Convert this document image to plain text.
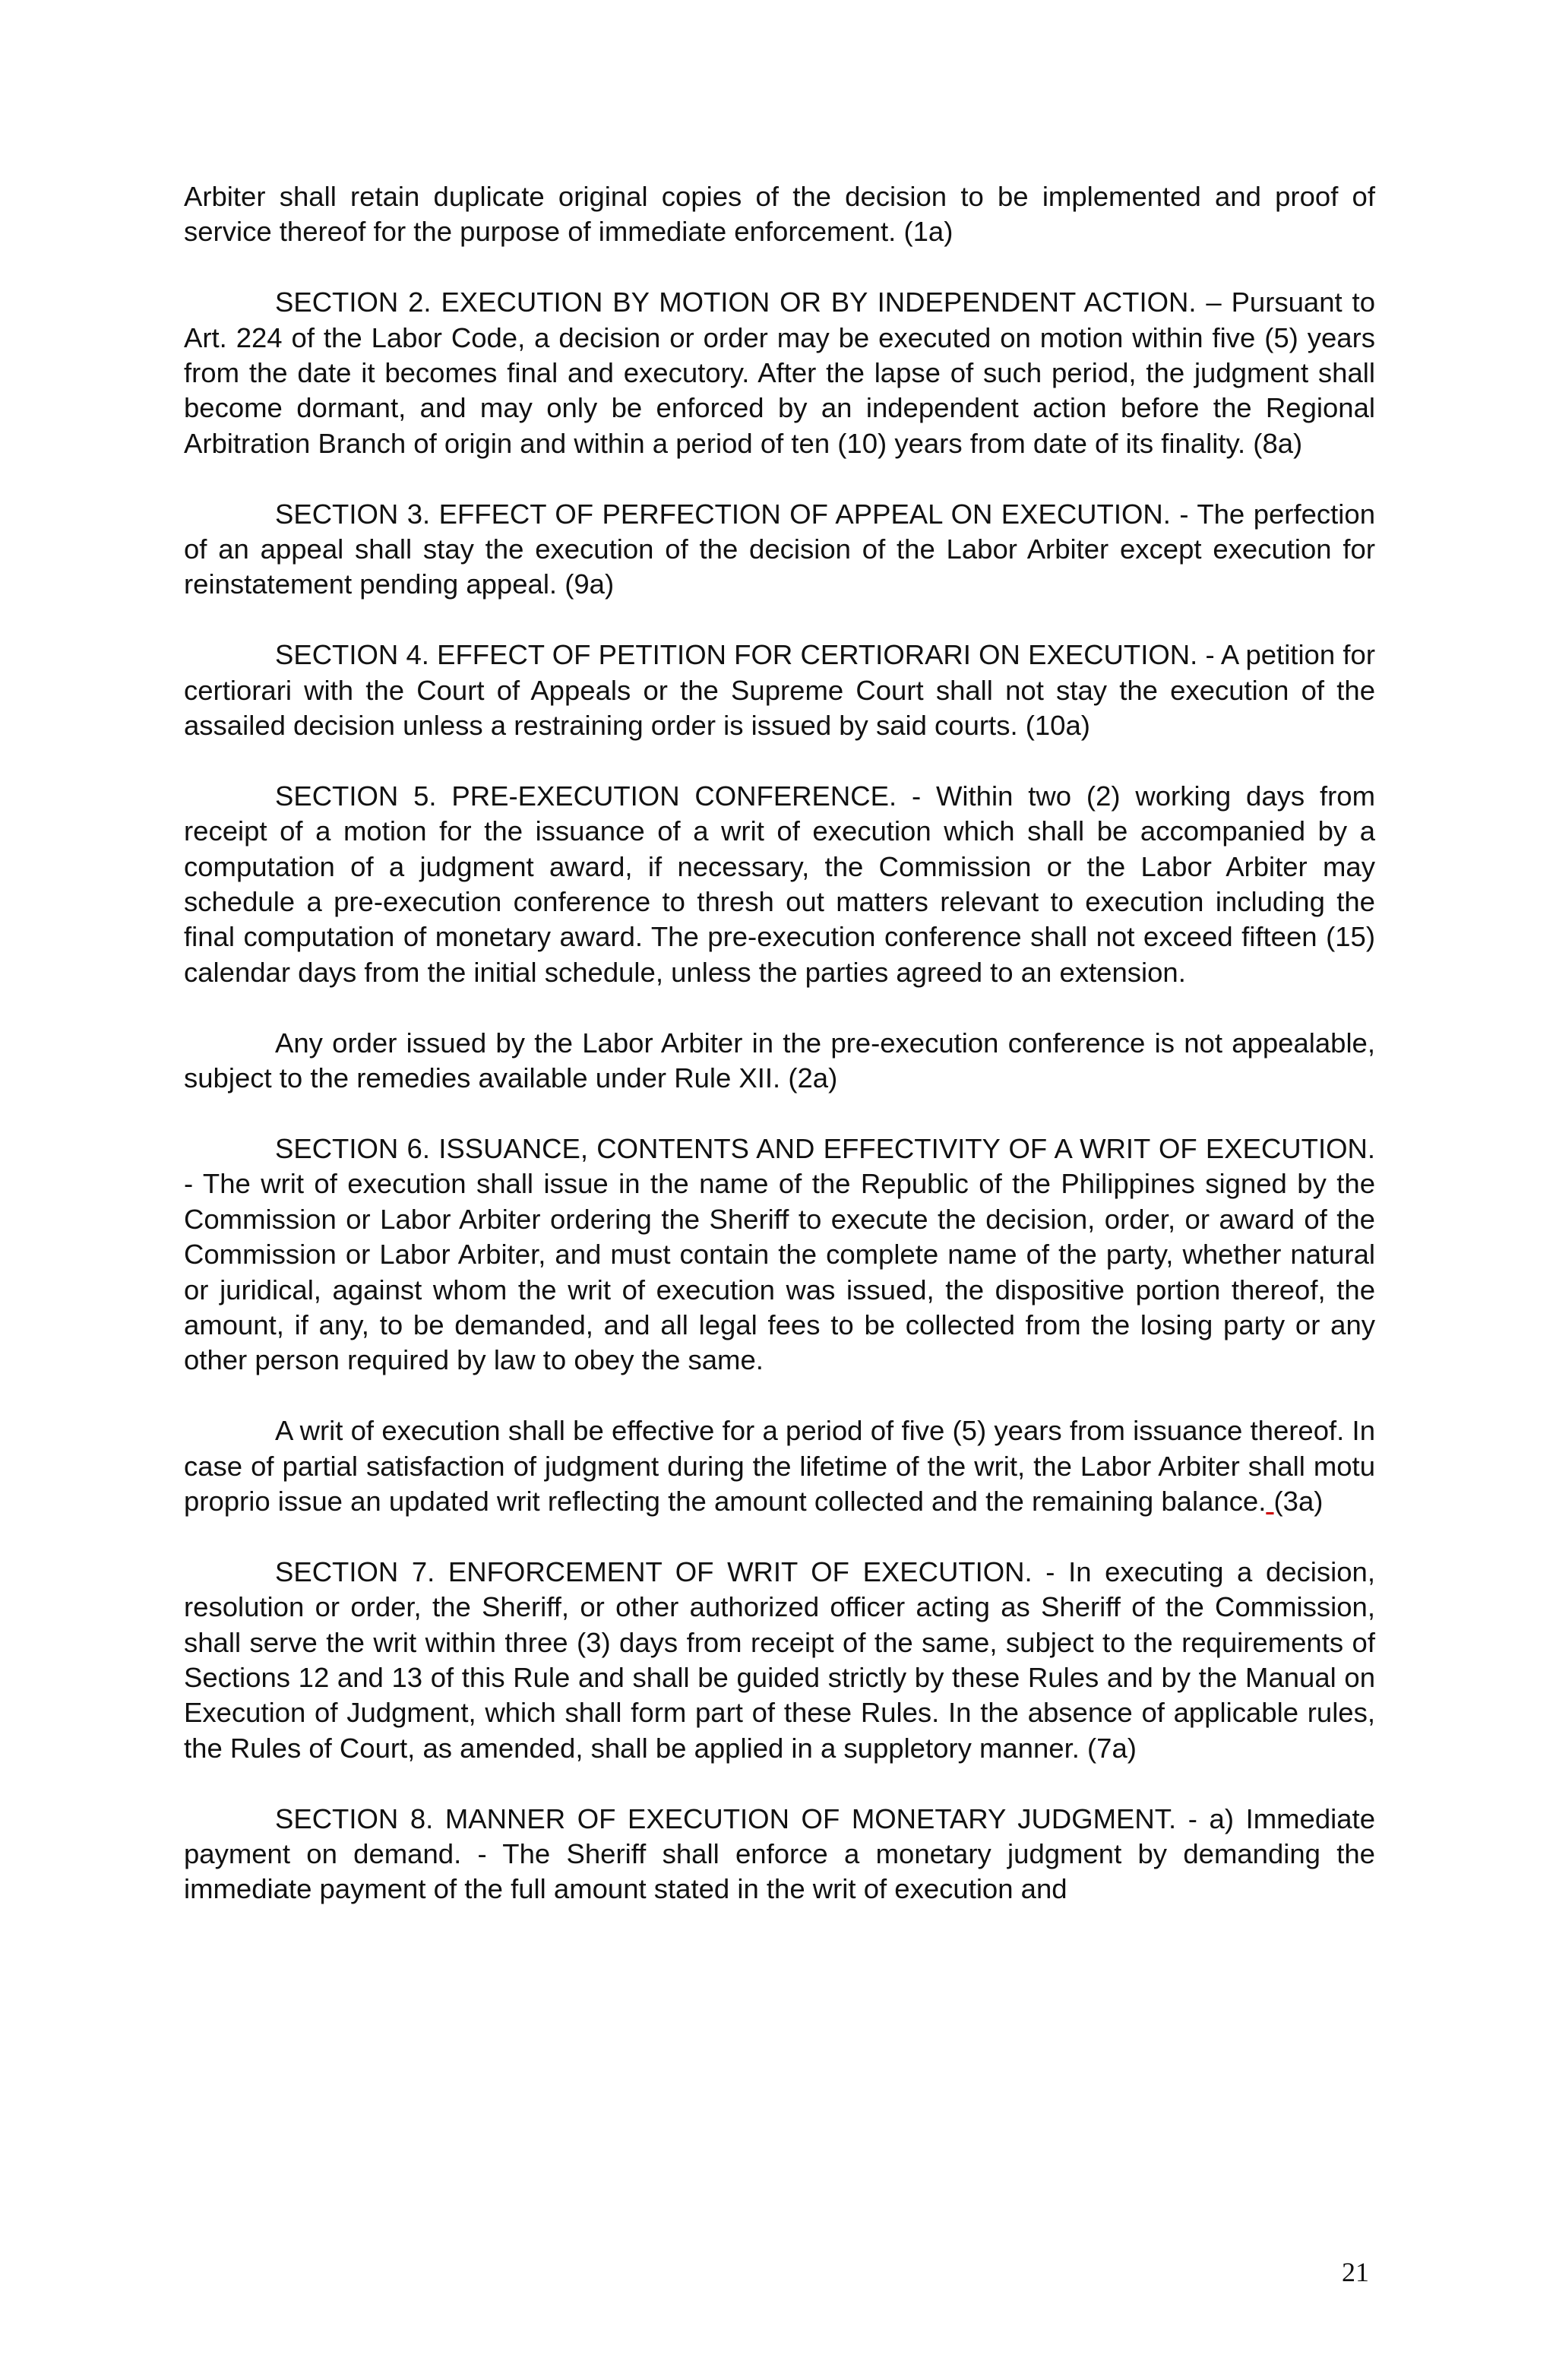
Arbiter shall retain duplicate original copies of the decision to be implemented and proof of service thereof for the purpose of immediate enforcement. (1a)

SECTION 2. EXECUTION BY MOTION OR BY INDEPENDENT ACTION. – Pursuant to Art. 224 of the Labor Code, a decision or order may be executed on motion within five (5) years from the date it becomes final and executory. After the lapse of such period, the judgment shall become dormant, and may only be enforced by an independent action before the Regional Arbitration Branch of origin and within a period of ten (10) years from date of its finality. (8a)

SECTION 3. EFFECT OF PERFECTION OF APPEAL ON EXECUTION. - The perfection of an appeal shall stay the execution of the decision of the Labor Arbiter except execution for reinstatement pending appeal. (9a)

SECTION 4. EFFECT OF PETITION FOR CERTIORARI ON EXECUTION. - A petition for certiorari with the Court of Appeals or the Supreme Court shall not stay the execution of the assailed decision unless a restraining order is issued by said courts. (10a)

SECTION 5. PRE-EXECUTION CONFERENCE. - Within two (2) working days from receipt of a motion for the issuance of a writ of execution which shall be accompanied by a computation of a judgment award, if necessary, the Commission or the Labor Arbiter may schedule a pre-execution conference to thresh out matters relevant to execution including the final computation of monetary award. The pre-execution conference shall not exceed fifteen (15) calendar days from the initial schedule, unless the parties agreed to an extension.

Any order issued by the Labor Arbiter in the pre-execution conference is not appealable, subject to the remedies available under Rule XII. (2a)

SECTION 6. ISSUANCE, CONTENTS AND EFFECTIVITY OF A WRIT OF EXECUTION. - The writ of execution shall issue in the name of the Republic of the Philippines signed by the Commission or Labor Arbiter ordering the Sheriff to execute the decision, order, or award of the Commission or Labor Arbiter, and must contain the complete name of the party, whether natural or juridical, against whom the writ of execution was issued, the dispositive portion thereof, the amount, if any, to be demanded, and all legal fees to be collected from the losing party or any other person required by law to obey the same.

A writ of execution shall be effective for a period of five (5) years from issuance thereof. In case of partial satisfaction of judgment during the lifetime of the writ, the Labor Arbiter shall motu proprio issue an updated writ reflecting the amount collected and the remaining balance. (3a)

SECTION 7. ENFORCEMENT OF WRIT OF EXECUTION. - In executing a decision, resolution or order, the Sheriff, or other authorized officer acting as Sheriff of the Commission, shall serve the writ within three (3) days from receipt of the same, subject to the requirements of Sections 12 and 13 of this Rule and shall be guided strictly by these Rules and by the Manual on Execution of Judgment, which shall form part of these Rules. In the absence of applicable rules, the Rules of Court, as amended, shall be applied in a suppletory manner. (7a)

SECTION 8. MANNER OF EXECUTION OF MONETARY JUDGMENT. - a) Immediate payment on demand. - The Sheriff shall enforce a monetary judgment by demanding the immediate payment of the full amount stated in the writ of execution and

21
